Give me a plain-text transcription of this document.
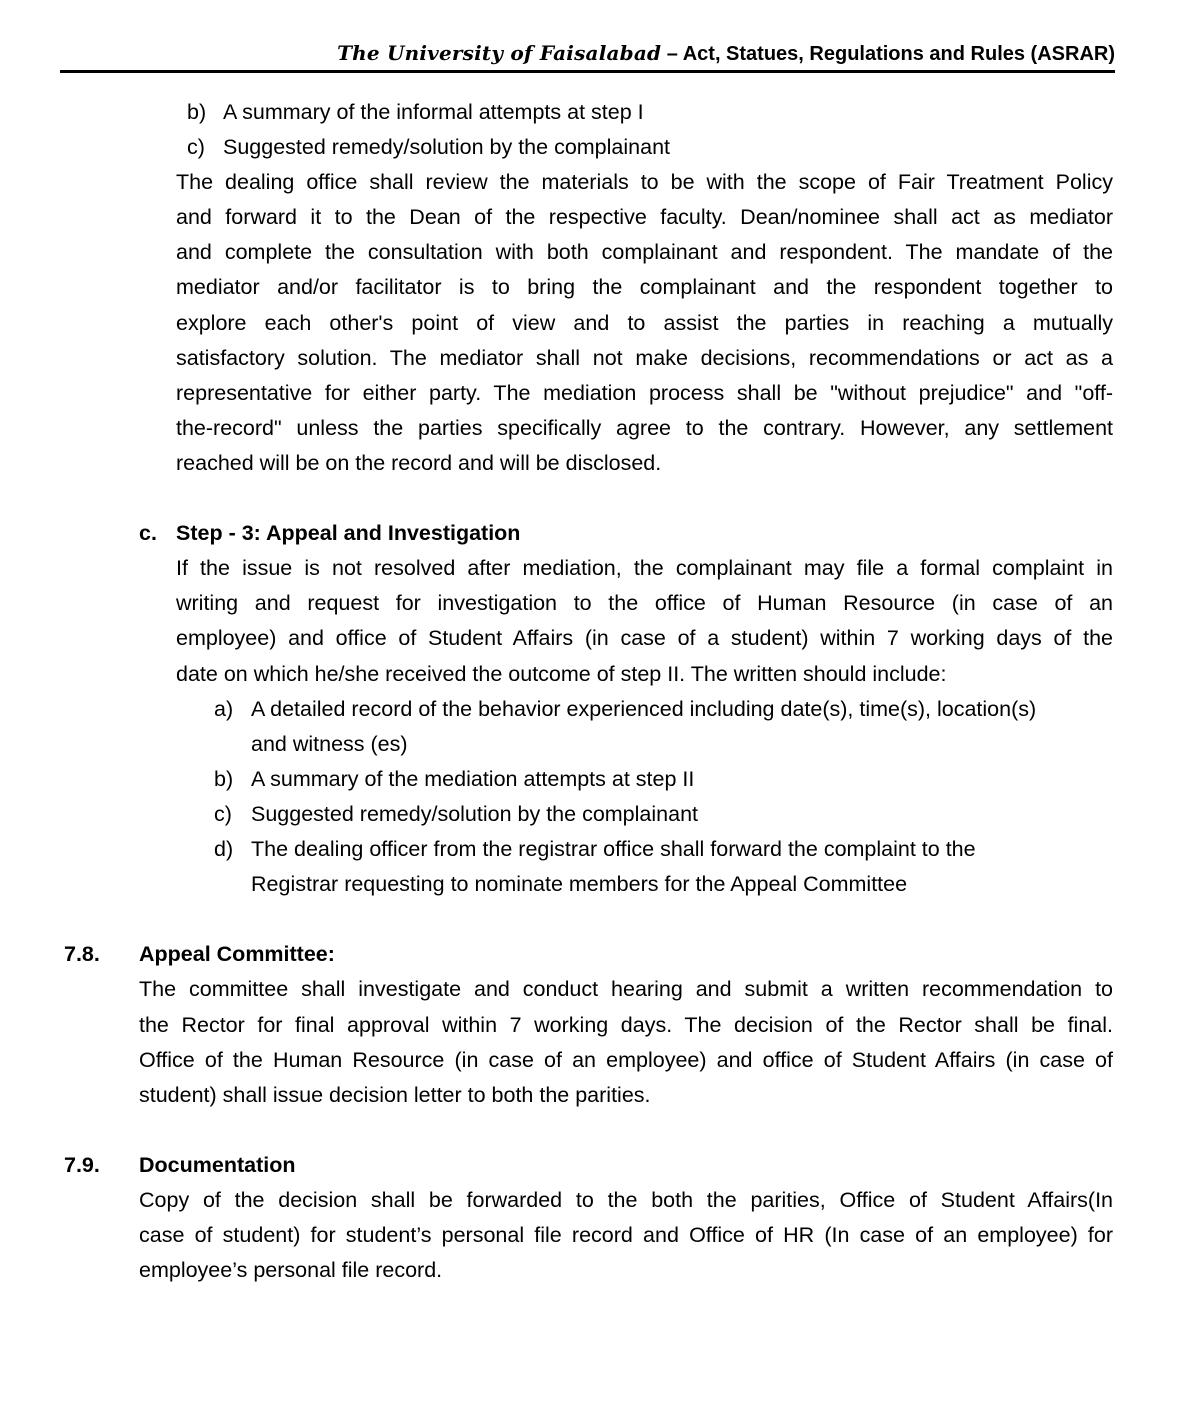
The University of Faisalabad – Act, Statues, Regulations and Rules (ASRAR)
b) A summary of the informal attempts at step I
c) Suggested remedy/solution by the complainant
The dealing office shall review the materials to be with the scope of Fair Treatment Policy
and forward it to the Dean of the respective faculty. Dean/nominee shall act as mediator
and complete the consultation with both complainant and respondent. The mandate of the
mediator and/or facilitator is to bring the complainant and the respondent together to
explore each other's point of view and to assist the parties in reaching a mutually
satisfactory solution. The mediator shall not make decisions, recommendations or act as a
representative for either party. The mediation process shall be "without prejudice" and "off-
the-record" unless the parties specifically agree to the contrary. However, any settlement
reached will be on the record and will be disclosed.
c. Step - 3: Appeal and Investigation
If the issue is not resolved after mediation, the complainant may file a formal complaint in
writing and request for investigation to the office of Human Resource (in case of an
employee) and office of Student Affairs (in case of a student) within 7 working days of the
date on which he/she received the outcome of step II. The written should include:
a) A detailed record of the behavior experienced including date(s), time(s), location(s)
and witness (es)
b) A summary of the mediation attempts at step II
c) Suggested remedy/solution by the complainant
d) The dealing officer from the registrar office shall forward the complaint to the
Registrar requesting to nominate members for the Appeal Committee
7.8. Appeal Committee:
The committee shall investigate and conduct hearing and submit a written recommendation to
the Rector for final approval within 7 working days. The decision of the Rector shall be final.
Office of the Human Resource (in case of an employee) and office of Student Affairs (in case of
student) shall issue decision letter to both the parities.
7.9. Documentation
Copy of the decision shall be forwarded to the both the parities, Office of Student Affairs(In
case of student) for student’s personal file record and Office of HR (In case of an employee) for
employee’s personal file record.
